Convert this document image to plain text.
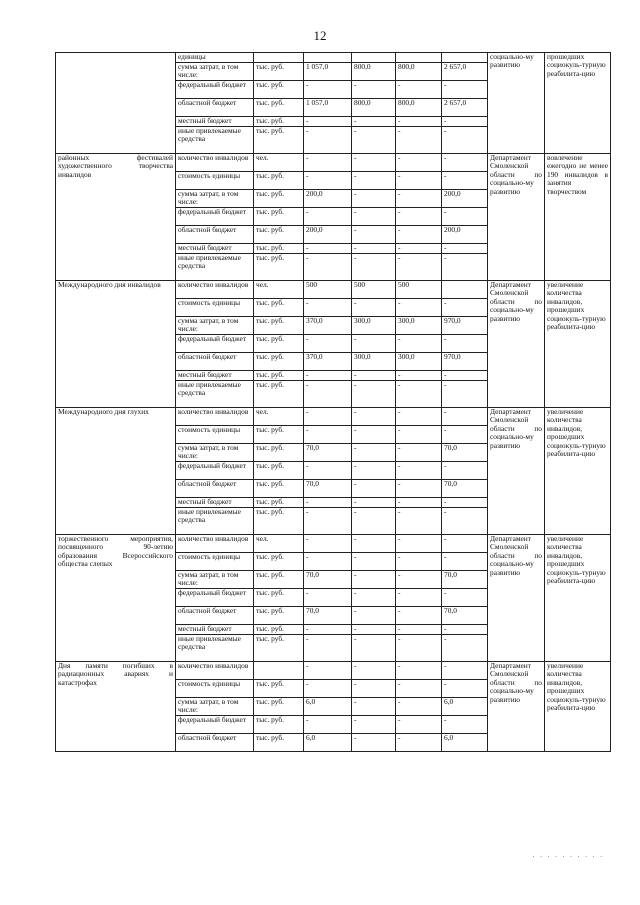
12
	единицы						социально-му развитию	прошедших социокуль-турную реабилита-цию
	сумма затрат, в том числе:	тыс. руб.	1 057,0	800,0	800,0	2 657,0		
	федеральный бюджет	тыс. руб.	-	-	-	-		
	областной бюджет	тыс. руб.	1 057,0	800,0	800,0	2 657,0		
	местный бюджет	тыс. руб.	-	-	-	-		
	иные привлекаемые средства	тыс. руб.	-	-	-	-		
районных фестивалей художественного творчества инвалидов	количество инвалидов	чел.	-	-	-	-	Департамент Смоленской области по социально-му развитию	вовлечение ежегодно не менее 190 инвалидов в занятия творчеством
	стоимость единицы	тыс. руб.	-	-	-	-		
	сумма затрат, в том числе:	тыс. руб.	200,0	-	-	200,0		
	федеральный бюджет	тыс. руб.	-	-	-	-		
	областной бюджет	тыс. руб.	200,0	-	-	200,0		
	местный бюджет	тыс. руб.	-	-	-	-		
	иные привлекаемые средства	тыс. руб.	-	-	-	-		
Международного дня инвалидов	количество инвалидов	чел.	500	500	500		Департамент Смоленской области по социально-му развитию	увеличение количества инвалидов, прошедших социокуль-турную реабилита-цию
	стоимость единицы	тыс. руб.	-	-	-	-		
	сумма затрат, в том числе:	тыс. руб.	370,0	300,0	300,0	970,0		
	федеральный бюджет	тыс. руб.	-	-	-	-		
	областной бюджет	тыс. руб.	370,0	300,0	300,0	970,0		
	местный бюджет	тыс. руб.	-	-	-	-		
	иные привлекаемые средства	тыс. руб.	-	-	-	-		
Международного дня глухих	количество инвалидов	чел.	-	-	-	-	Департамент Смоленской области по социально-му развитию	увеличение количества инвалидов, прошедших социокуль-турную реабилита-цию
	стоимость единицы	тыс. руб.	-	-	-	-		
	сумма затрат, в том числе:	тыс. руб.	70,0	-	-	70,0		
	федеральный бюджет	тыс. руб.	-	-	-	-		
	областной бюджет	тыс. руб.	70,0	-	-	70,0		
	местный бюджет	тыс. руб.	-	-	-	-		
	иные привлекаемые средства	тыс. руб.	-	-	-	-		
торжественного мероприятия, посвященного 90-летию образования Всероссийского общества слепых	количество инвалидов	чел.	-	-	-	-	Департамент Смоленской области по социально-му развитию	увеличение количества инвалидов, прошедших социокуль-турную реабилита-цию
	стоимость единицы	тыс. руб.	-	-	-	-		
	сумма затрат, в том числе:	тыс. руб.	70,0	-	-	70,0		
	федеральный бюджет	тыс. руб.	-	-	-	-		
	областной бюджет	тыс. руб.	70,0	-	-	70,0		
	местный бюджет	тыс. руб.	-	-	-	-		
	иные привлекаемые средства	тыс. руб.	-	-	-	-		
Дня памяти погибших в радиационных авариях и катастрофах	количество инвалидов		-	-	-	-	Департамент Смоленской области по социально-му развитию	увеличение количества инвалидов, прошедших социокуль-турную реабилита-цию
	стоимость единицы	тыс. руб.	-	-	-	-		
	сумма затрат, в том числе:	тыс. руб.	6,0	-	-	6,0		
	федеральный бюджет	тыс. руб.	-	-	-	-		
	областной бюджет	тыс. руб.	6,0	-	-	6,0		
. . . . . . . . . .
